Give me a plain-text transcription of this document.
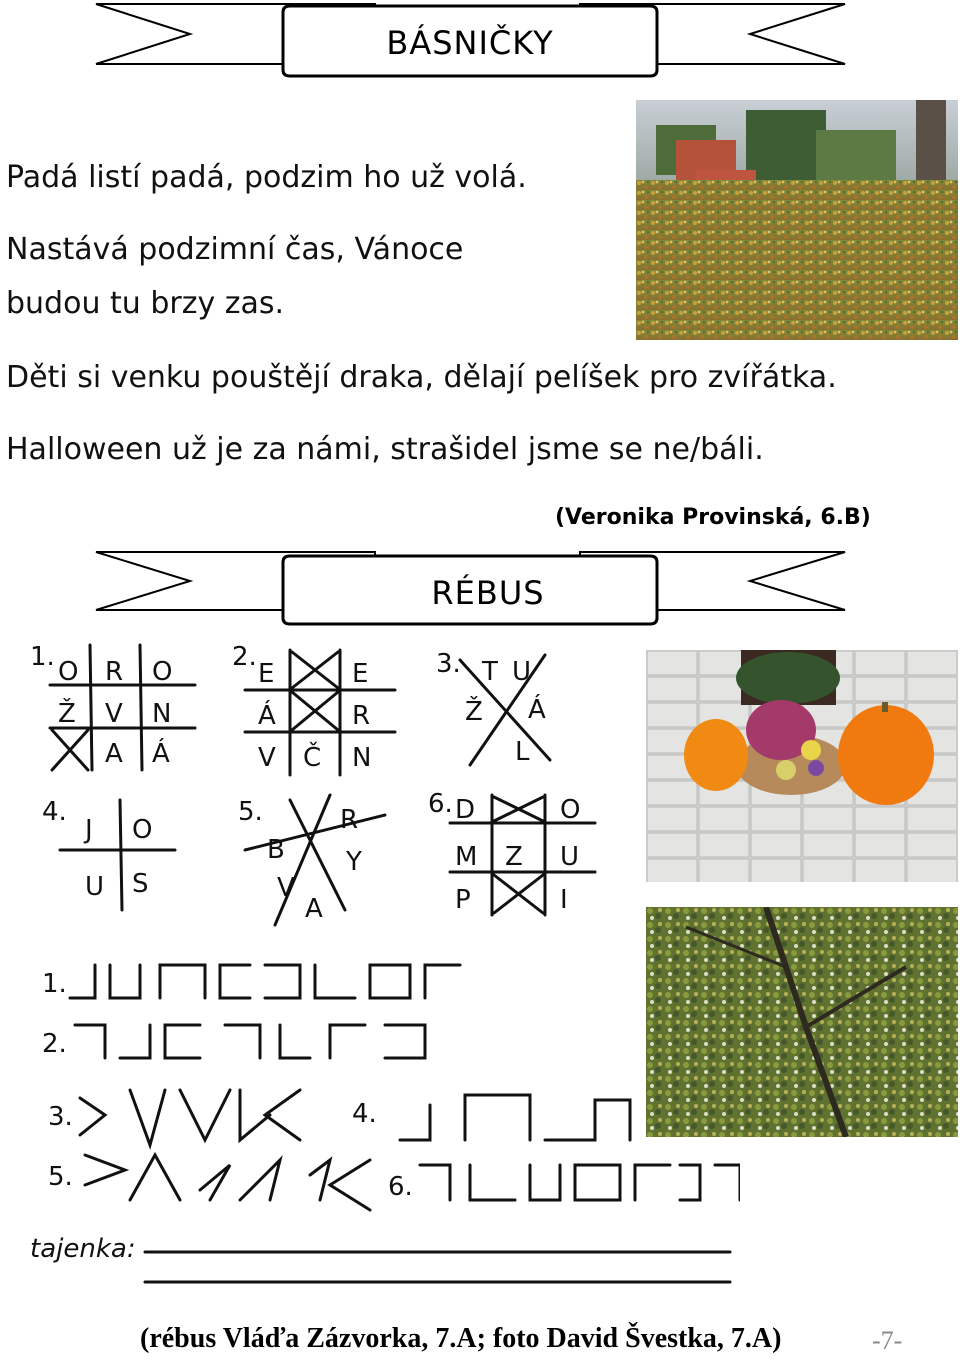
BÁSNIČKY
Padá listí padá, podzim ho už volá.
Nastává podzimní čas, Vánoce
budou tu brzy zas.
Děti si venku pouštějí draka, dělají pelíšek pro zvířátka.
Halloween už je za námi, strašidel jsme se ne/báli.
(Veronika Provinská, 6.B)
RÉBUS
1. O R O
Ž V N
A Á
2.
E	E
Á	R
V Č N
3. T U
Ž Á
L
4.
J O
U S
5.	R
B Y
V
A
6. D	O
M Z U
P	I
1.
2.
3.	4.
5.	6.
tajenka:
(rébus Vláďa Zázvorka, 7.A; foto David Švestka, 7.A)	-7-
